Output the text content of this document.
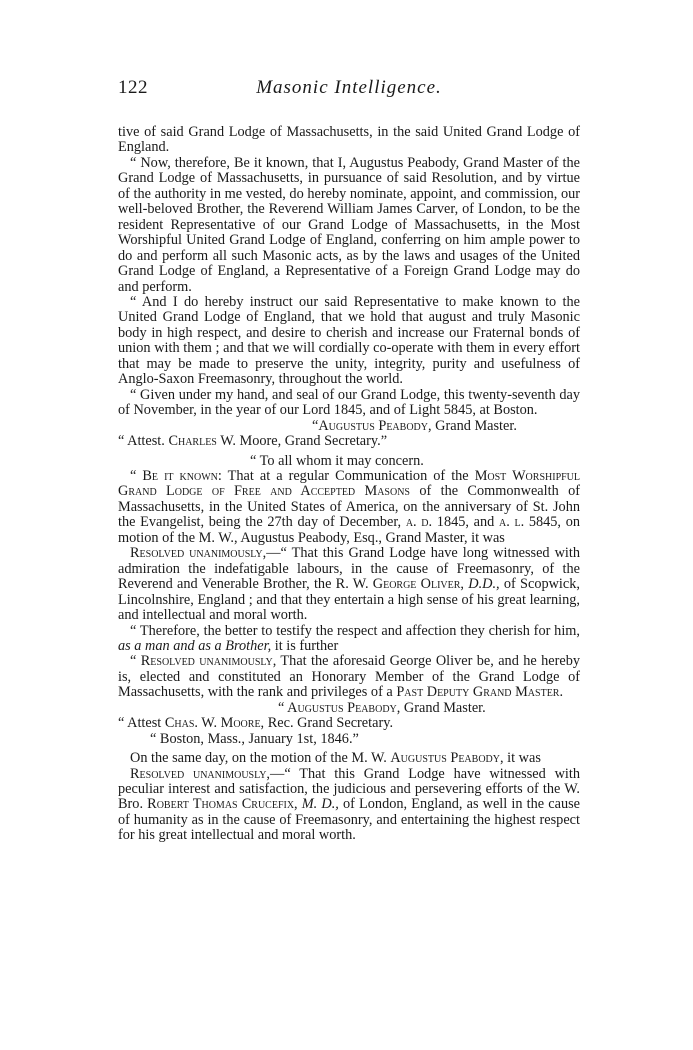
122	Masonic Intelligence.

tive of said Grand Lodge of Massachusetts, in the said United Grand Lodge of England.

“ Now, therefore, Be it known, that I, Augustus Peabody, Grand Master of the Grand Lodge of Massachusetts, in pursuance of said Resolution, and by virtue of the authority in me vested, do hereby nominate, appoint, and commission, our well-beloved Brother, the Reverend William James Carver, of London, to be the resident Representative of our Grand Lodge of Massachusetts, in the Most Worshipful United Grand Lodge of England, conferring on him ample power to do and perform all such Masonic acts, as by the laws and usages of the United Grand Lodge of England, a Representative of a Foreign Grand Lodge may do and perform.

“ And I do hereby instruct our said Representative to make known to the United Grand Lodge of England, that we hold that august and truly Masonic body in high respect, and desire to cherish and increase our Fraternal bonds of union with them ; and that we will cordially co-operate with them in every effort that may be made to preserve the unity, integrity, purity and usefulness of Anglo-Saxon Freemasonry, throughout the world.

“ Given under my hand, and seal of our Grand Lodge, this twenty-seventh day of November, in the year of our Lord 1845, and of Light 5845, at Boston.

“Augustus Peabody, Grand Master.

“ Attest. Charles W. Moore, Grand Secretary.”

“ To all whom it may concern.

“ Be it known: That at a regular Communication of the Most Worshipful Grand Lodge of Free and Accepted Masons of the Commonwealth of Massachusetts, in the United States of America, on the anniversary of St. John the Evangelist, being the 27th day of December, a. d. 1845, and a. l. 5845, on motion of the M. W., Augustus Peabody, Esq., Grand Master, it was

Resolved unanimously,—“ That this Grand Lodge have long witnessed with admiration the indefatigable labours, in the cause of Freemasonry, of the Reverend and Venerable Brother, the R. W. George Oliver, D.D., of Scopwick, Lincolnshire, England ; and that they entertain a high sense of his great learning, and intellectual and moral worth.

“ Therefore, the better to testify the respect and affection they cherish for him, as a man and as a Brother, it is further

“ Resolved unanimously, That the aforesaid George Oliver be, and he hereby is, elected and constituted an Honorary Member of the Grand Lodge of Massachusetts, with the rank and privileges of a Past Deputy Grand Master.

“ Augustus Peabody, Grand Master.

“ Attest Chas. W. Moore, Rec. Grand Secretary.

“ Boston, Mass., January 1st, 1846.”

On the same day, on the motion of the M. W. Augustus Peabody, it was

Resolved unanimously,—“ That this Grand Lodge have witnessed with peculiar interest and satisfaction, the judicious and persevering efforts of the W. Bro. Robert Thomas Crucefix, M. D., of London, England, as well in the cause of humanity as in the cause of Freemasonry, and entertaining the highest respect for his great intellectual and moral worth.
